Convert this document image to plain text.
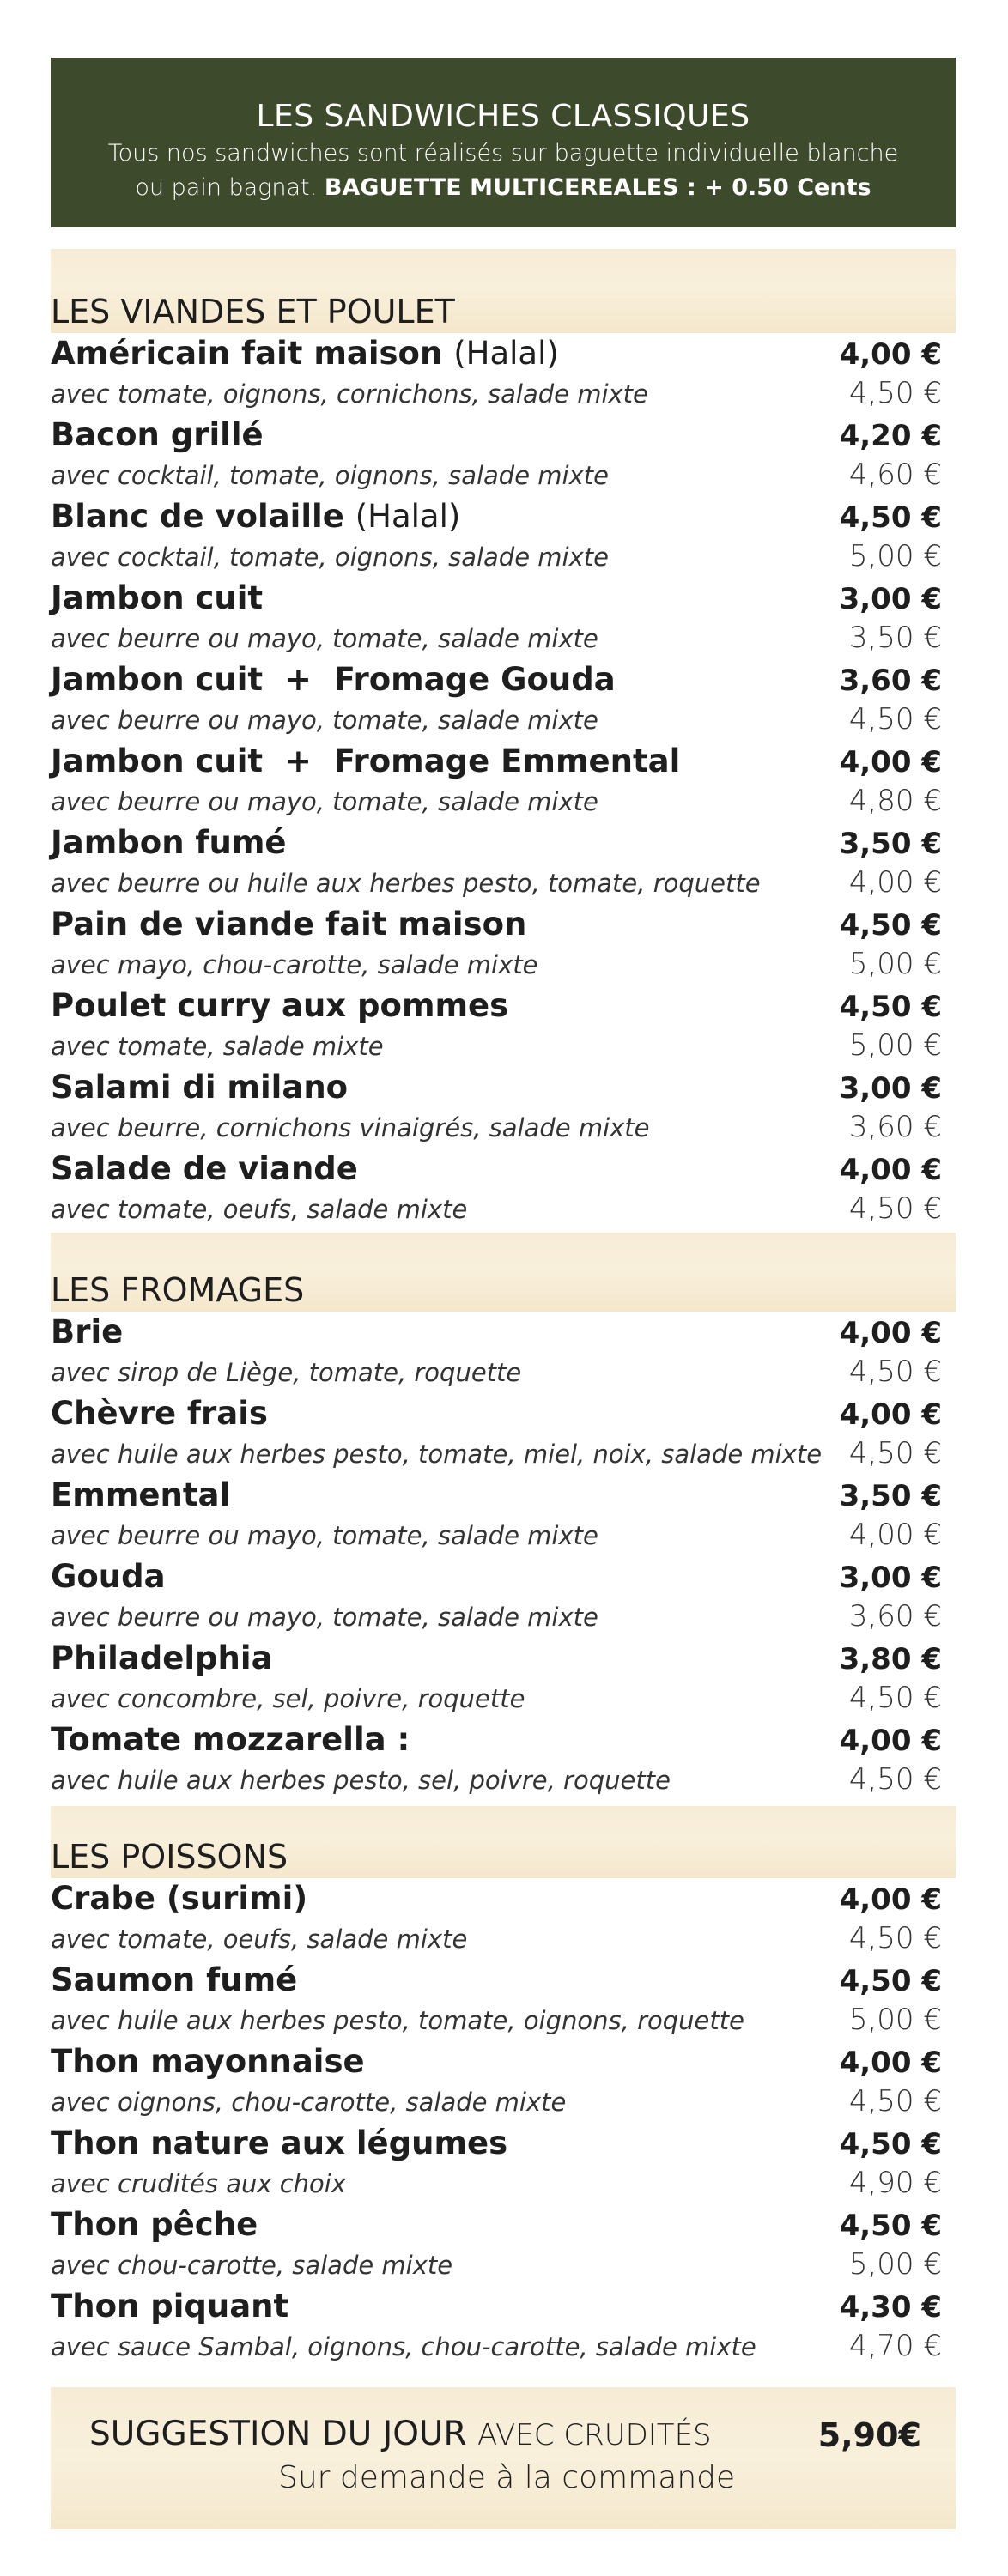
LES SANDWICHES CLASSIQUES
Tous nos sandwiches sont réalisés sur baguette individuelle blanche
ou pain bagnat. BAGUETTE MULTICEREALES : + 0.50 Cents
LES VIANDES ET POULET
Américain fait maison (Halal)	4,00 €
avec tomate, oignons, cornichons, salade mixte	4,50 €
Bacon grillé	4,20 €
avec cocktail, tomate, oignons, salade mixte	4,60 €
Blanc de volaille (Halal)	4,50 €
avec cocktail, tomate, oignons, salade mixte	5,00 €
Jambon cuit	3,00 €
avec beurre ou mayo, tomate, salade mixte	3,50 €
Jambon cuit  +  Fromage Gouda	3,60 €
avec beurre ou mayo, tomate, salade mixte	4,50 €
Jambon cuit  +  Fromage Emmental	4,00 €
avec beurre ou mayo, tomate, salade mixte	4,80 €
Jambon fumé	3,50 €
avec beurre ou huile aux herbes pesto, tomate, roquette	4,00 €
Pain de viande fait maison	4,50 €
avec mayo, chou-carotte, salade mixte	5,00 €
Poulet curry aux pommes	4,50 €
avec tomate, salade mixte	5,00 €
Salami di milano	3,00 €
avec beurre, cornichons vinaigrés, salade mixte	3,60 €
Salade de viande	4,00 €
avec tomate, oeufs, salade mixte	4,50 €
LES FROMAGES
Brie	4,00 €
avec sirop de Liège, tomate, roquette	4,50 €
Chèvre frais	4,00 €
avec huile aux herbes pesto, tomate, miel, noix, salade mixte 4,50 €
Emmental	3,50 €
avec beurre ou mayo, tomate, salade mixte	4,00 €
Gouda	3,00 €
avec beurre ou mayo, tomate, salade mixte	3,60 €
Philadelphia	3,80 €
avec concombre, sel, poivre, roquette	4,50 €
Tomate mozzarella :	4,00 €
avec huile aux herbes pesto, sel, poivre, roquette	4,50 €
LES POISSONS
Crabe (surimi)	4,00 €
avec tomate, oeufs, salade mixte	4,50 €
Saumon fumé	4,50 €
avec huile aux herbes pesto, tomate, oignons, roquette	5,00 €
Thon mayonnaise	4,00 €
avec oignons, chou-carotte, salade mixte	4,50 €
Thon nature aux légumes	4,50 €
avec crudités aux choix	4,90 €
Thon pêche	4,50 €
avec chou-carotte, salade mixte	5,00 €
Thon piquant	4,30 €
avec sauce Sambal, oignons, chou-carotte, salade mixte	4,70 €
SUGGESTION DU JOUR AVEC CRUDITÉS
Sur demande à la commande
5,90€
